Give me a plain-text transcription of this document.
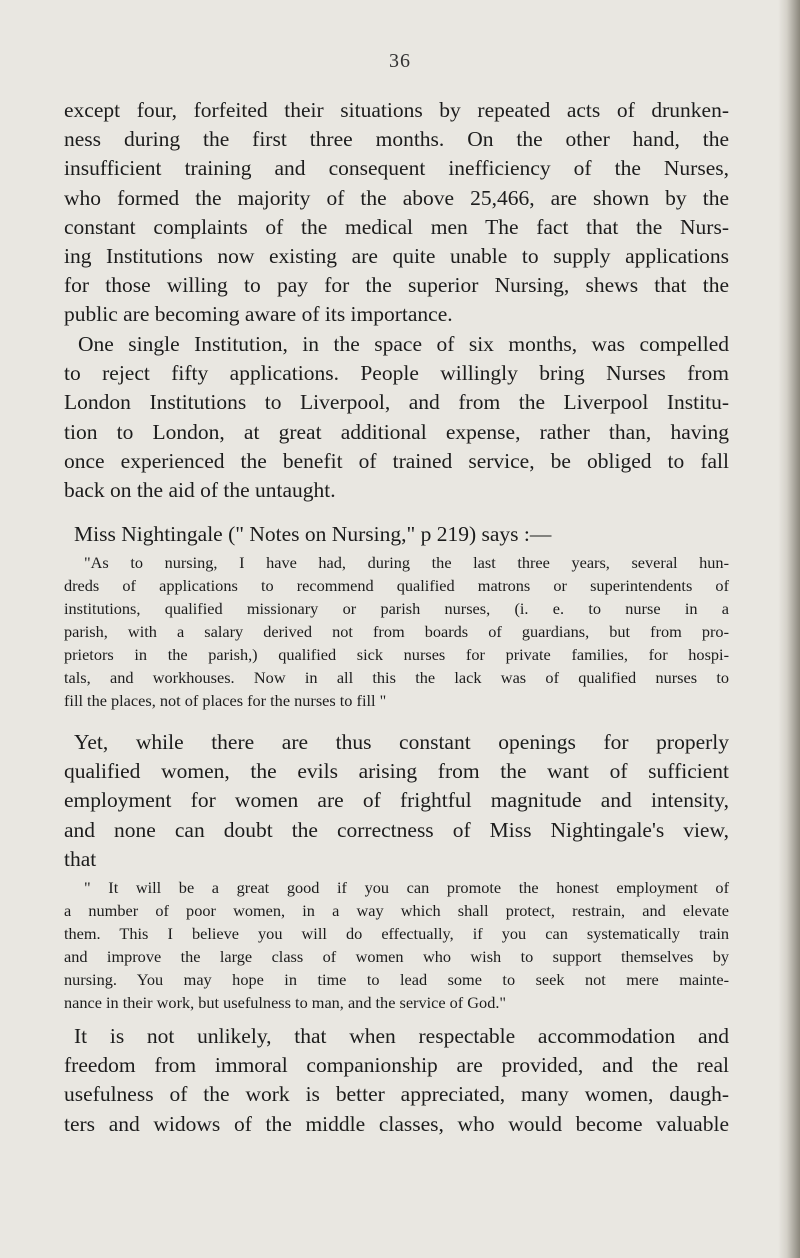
36
except four, forfeited their situations by repeated acts of drunken-
ness during the first three months. On the other hand, the
insufficient training and consequent inefficiency of the Nurses,
who formed the majority of the above 25,466, are shown by the
constant complaints of the medical men The fact that the Nurs-
ing Institutions now existing are quite unable to supply applications
for those willing to pay for the superior Nursing, shews that the
public are becoming aware of its importance.
One single Institution, in the space of six months, was compelled
to reject fifty applications. People willingly bring Nurses from
London Institutions to Liverpool, and from the Liverpool Institu-
tion to London, at great additional expense, rather than, having
once experienced the benefit of trained service, be obliged to fall
back on the aid of the untaught.
Miss Nightingale (" Notes on Nursing," p 219) says :—
"As to nursing, I have had, during the last three years, several hun-
dreds of applications to recommend qualified matrons or superintendents of
institutions, qualified missionary or parish nurses, (i. e. to nurse in a
parish, with a salary derived not from boards of guardians, but from pro-
prietors in the parish,) qualified sick nurses for private families, for hospi-
tals, and workhouses. Now in all this the lack was of qualified nurses to
fill the places, not of places for the nurses to fill "
Yet, while there are thus constant openings for properly
qualified women, the evils arising from the want of sufficient
employment for women are of frightful magnitude and intensity,
and none can doubt the correctness of Miss Nightingale's view,
that
" It will be a great good if you can promote the honest employment of
a number of poor women, in a way which shall protect, restrain, and elevate
them. This I believe you will do effectually, if you can systematically train
and improve the large class of women who wish to support themselves by
nursing. You may hope in time to lead some to seek not mere mainte-
nance in their work, but usefulness to man, and the service of God."
It is not unlikely, that when respectable accommodation and
freedom from immoral companionship are provided, and the real
usefulness of the work is better appreciated, many women, daugh-
ters and widows of the middle classes, who would become valuable
